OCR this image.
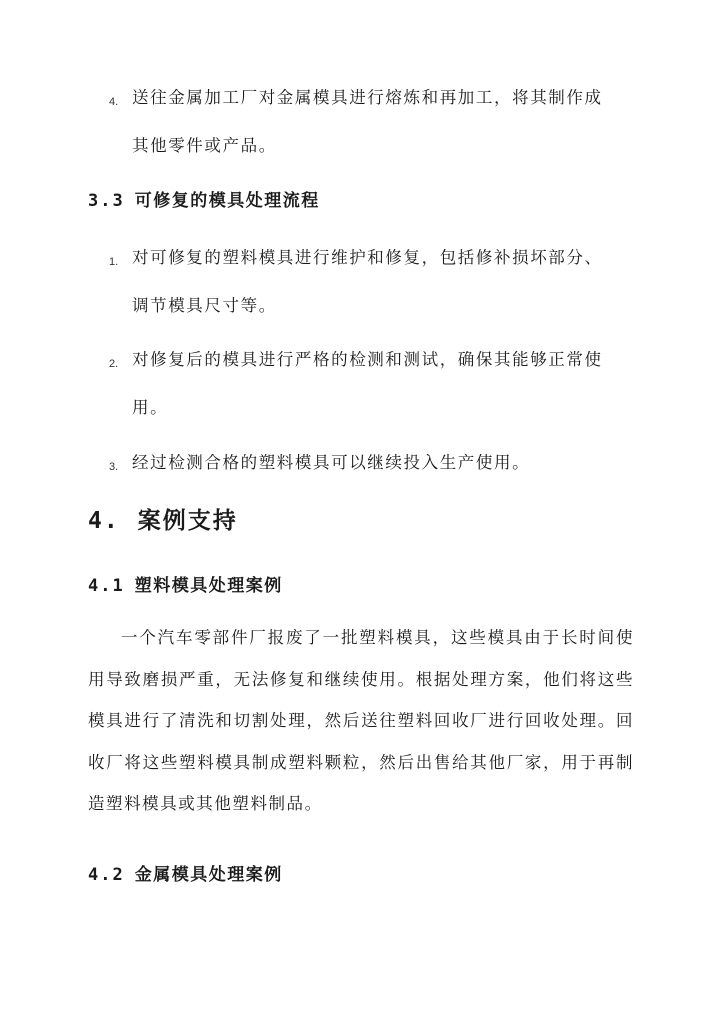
4. 送往金属加工厂对金属模具进行熔炼和再加工，将其制作成
其他零件或产品。
3.3 可修复的模具处理流程
1. 对可修复的塑料模具进行维护和修复，包括修补损坏部分、
调节模具尺寸等。
2. 对修复后的模具进行严格的检测和测试，确保其能够正常使
用。
3. 经过检测合格的塑料模具可以继续投入生产使用。
4. 案例支持
4.1 塑料模具处理案例
一个汽车零部件厂报废了一批塑料模具，这些模具由于长时间使用导致磨损严重，无法修复和继续使用。根据处理方案，他们将这些模具进行了清洗和切割处理，然后送往塑料回收厂进行回收处理。回收厂将这些塑料模具制成塑料颗粒，然后出售给其他厂家，用于再制造塑料模具或其他塑料制品。
4.2 金属模具处理案例
